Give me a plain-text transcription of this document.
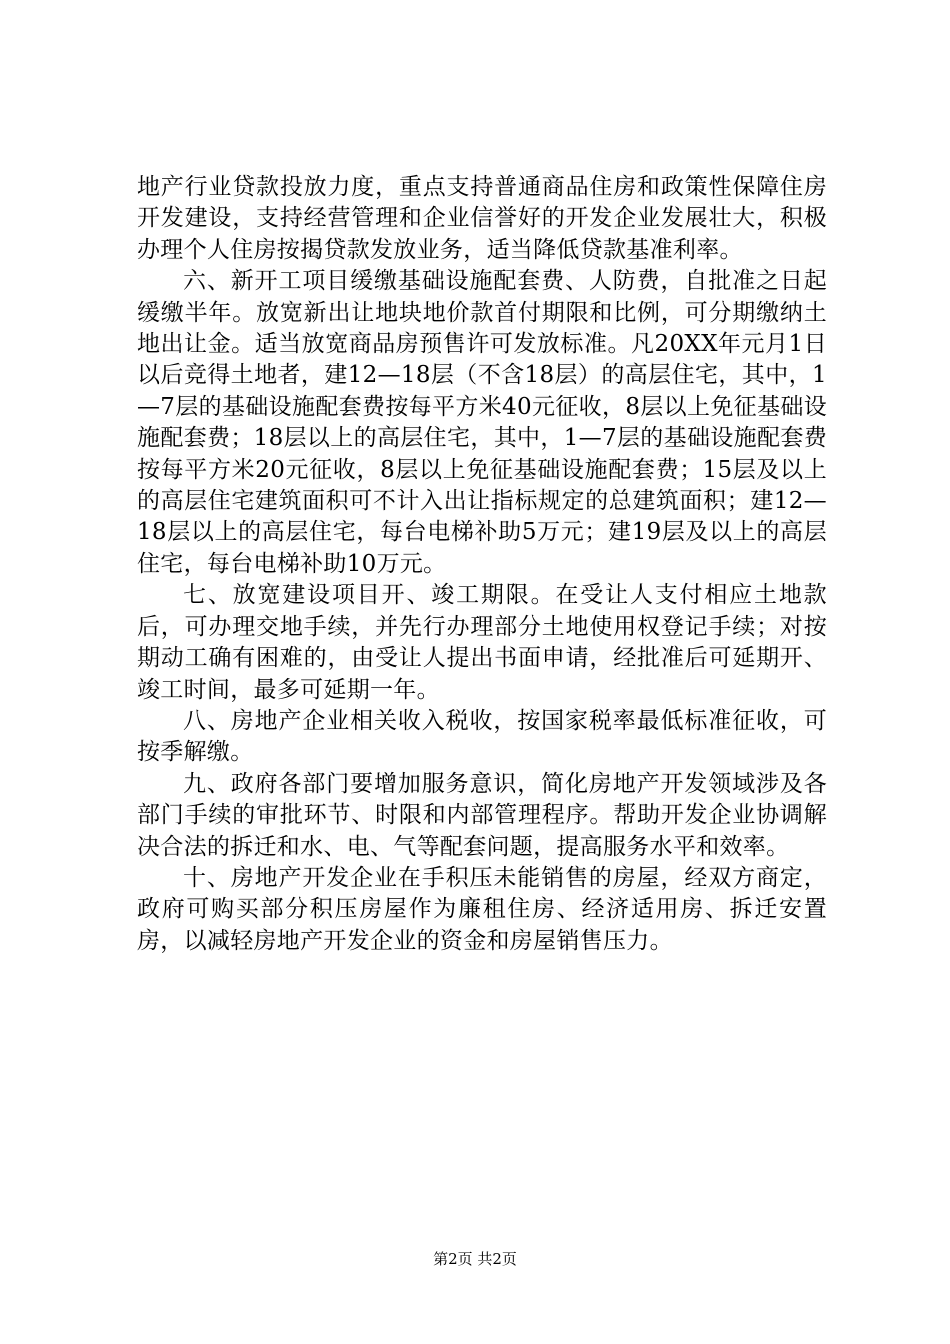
地产行业贷款投放力度，重点支持普通商品住房和政策性保障住房开发建设，支持经营管理和企业信誉好的开发企业发展壮大，积极办理个人住房按揭贷款发放业务，适当降低贷款基准利率。

六、新开工项目缓缴基础设施配套费、人防费，自批准之日起缓缴半年。放宽新出让地块地价款首付期限和比例，可分期缴纳土地出让金。适当放宽商品房预售许可发放标准。凡20XX年元月1日以后竞得土地者，建12—18层（不含18层）的高层住宅，其中，1—7层的基础设施配套费按每平方米40元征收，8层以上免征基础设施配套费；18层以上的高层住宅，其中，1—7层的基础设施配套费按每平方米20元征收，8层以上免征基础设施配套费；15层及以上的高层住宅建筑面积可不计入出让指标规定的总建筑面积；建12—18层以上的高层住宅，每台电梯补助5万元；建19层及以上的高层住宅，每台电梯补助10万元。

七、放宽建设项目开、竣工期限。在受让人支付相应土地款后，可办理交地手续，并先行办理部分土地使用权登记手续；对按期动工确有困难的，由受让人提出书面申请，经批准后可延期开、竣工时间，最多可延期一年。

八、房地产企业相关收入税收，按国家税率最低标准征收，可按季解缴。

九、政府各部门要增加服务意识，简化房地产开发领域涉及各部门手续的审批环节、时限和内部管理程序。帮助开发企业协调解决合法的拆迁和水、电、气等配套问题，提高服务水平和效率。

十、房地产开发企业在手积压未能销售的房屋，经双方商定，政府可购买部分积压房屋作为廉租住房、经济适用房、拆迁安置房，以减轻房地产开发企业的资金和房屋销售压力。

第2页 共2页
